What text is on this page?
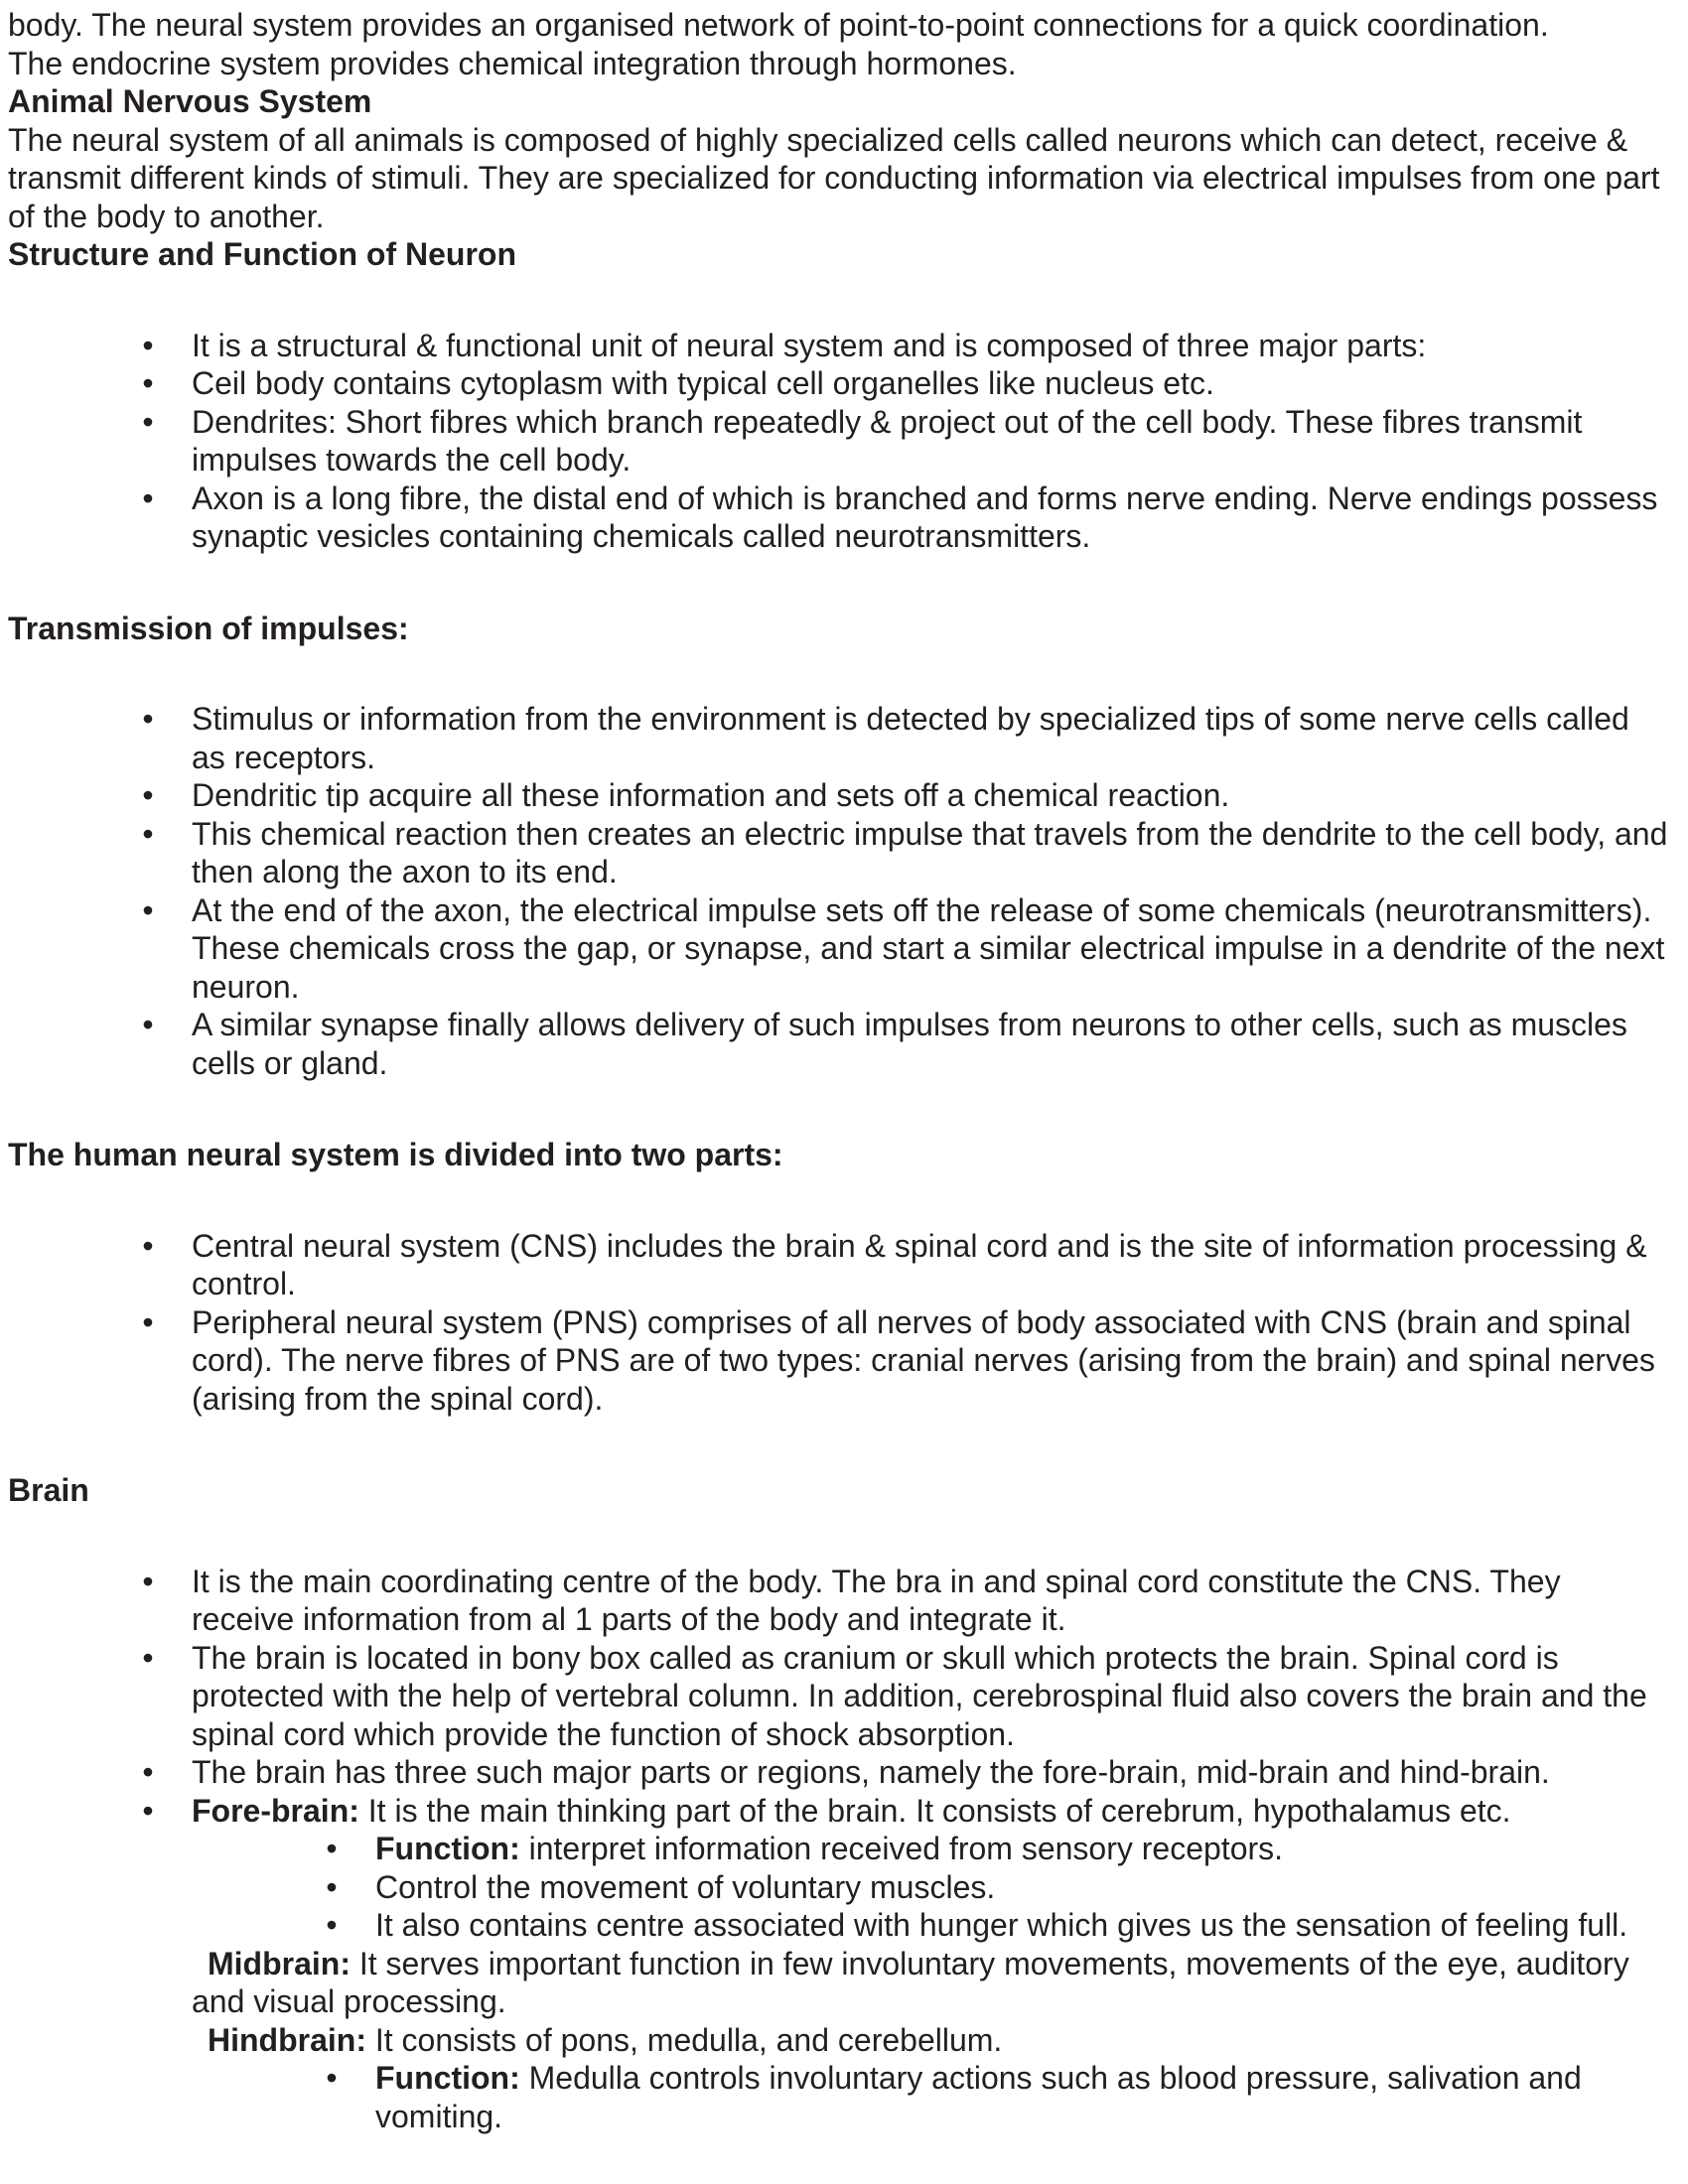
body. The neural system provides an organised network of point-to-point connections for a quick coordination.
The endocrine system provides chemical integration through hormones.

Animal Nervous System

The neural system of all animals is composed of highly specialized cells called neurons which can detect, receive & transmit different kinds of stimuli. They are specialized for conducting information via electrical impulses from one part of the body to another.

Structure and Function of Neuron

• It is a structural & functional unit of neural system and is composed of three major parts:
• Ceil body contains cytoplasm with typical cell organelles like nucleus etc.
• Dendrites: Short fibres which branch repeatedly & project out of the cell body. These fibres transmit impulses towards the cell body.
• Axon is a long fibre, the distal end of which is branched and forms nerve ending. Nerve endings possess synaptic vesicles containing chemicals called neurotransmitters.

Transmission of impulses:

• Stimulus or information from the environment is detected by specialized tips of some nerve cells called as receptors.
• Dendritic tip acquire all these information and sets off a chemical reaction.
• This chemical reaction then creates an electric impulse that travels from the dendrite to the cell body, and then along the axon to its end.
• At the end of the axon, the electrical impulse sets off the release of some chemicals (neurotransmitters). These chemicals cross the gap, or synapse, and start a similar electrical impulse in a dendrite of the next neuron.
• A similar synapse finally allows delivery of such impulses from neurons to other cells, such as muscles cells or gland.

The human neural system is divided into two parts:

• Central neural system (CNS) includes the brain & spinal cord and is the site of information processing & control.
• Peripheral neural system (PNS) comprises of all nerves of body associated with CNS (brain and spinal cord). The nerve fibres of PNS are of two types: cranial nerves (arising from the brain) and spinal nerves (arising from the spinal cord).

Brain

• It is the main coordinating centre of the body. The bra in and spinal cord constitute the CNS. They receive information from al 1 parts of the body and integrate it.
• The brain is located in bony box called as cranium or skull which protects the brain. Spinal cord is protected with the help of vertebral column. In addition, cerebrospinal fluid also covers the brain and the spinal cord which provide the function of shock absorption.
• The brain has three such major parts or regions, namely the fore-brain, mid-brain and hind-brain.
• Fore-brain: It is the main thinking part of the brain. It consists of cerebrum, hypothalamus etc.
• Function: interpret information received from sensory receptors.
• Control the movement of voluntary muscles.
• It also contains centre associated with hunger which gives us the sensation of feeling full.

Midbrain: It serves important function in few involuntary movements, movements of the eye, auditory and visual processing.

Hindbrain: It consists of pons, medulla, and cerebellum.

• Function: Medulla controls involuntary actions such as blood pressure, salivation and vomiting.
